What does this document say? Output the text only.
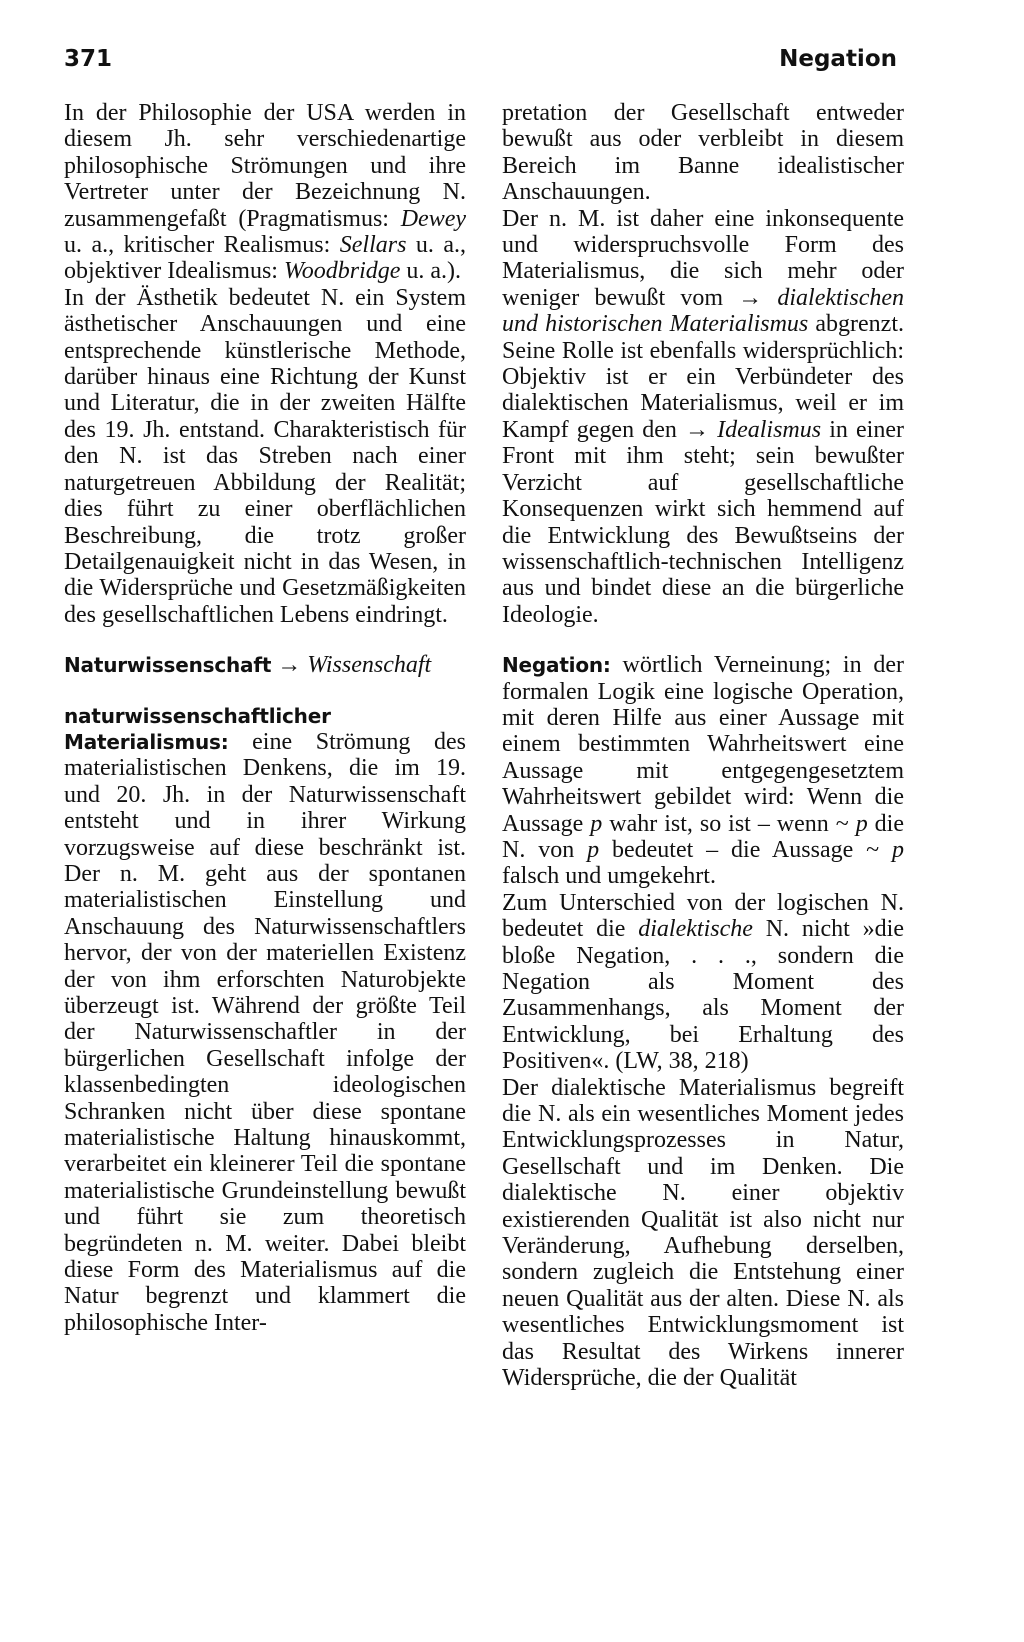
371	Negation

In der Philosophie der USA werden in diesem Jh. sehr verschiedenartige philosophische Strömungen und ihre Vertreter unter der Bezeichnung N. zusammengefaßt (Pragmatismus: Dewey u. a., kritischer Realismus: Sellars u. a., objektiver Idealismus: Woodbridge u. a.).

In der Ästhetik bedeutet N. ein System ästhetischer Anschauungen und eine entsprechende künstlerische Methode, darüber hinaus eine Richtung der Kunst und Literatur, die in der zweiten Hälfte des 19. Jh. entstand. Charakteristisch für den N. ist das Streben nach einer naturgetreuen Abbildung der Realität; dies führt zu einer oberflächlichen Beschreibung, die trotz großer Detailgenauigkeit nicht in das Wesen, in die Widersprüche und Gesetzmäßigkeiten des gesellschaftlichen Lebens eindringt.

Naturwissenschaft → Wissenschaft

naturwissenschaftlicher Materialismus: eine Strömung des materialistischen Denkens, die im 19. und 20. Jh. in der Naturwissenschaft entsteht und in ihrer Wirkung vorzugsweise auf diese beschränkt ist. Der n. M. geht aus der spontanen materialistischen Einstellung und Anschauung des Naturwissenschaftlers hervor, der von der materiellen Existenz der von ihm erforschten Naturobjekte überzeugt ist. Während der größte Teil der Naturwissenschaftler in der bürgerlichen Gesellschaft infolge der klassenbedingten ideologischen Schranken nicht über diese spontane materialistische Haltung hinauskommt, verarbeitet ein kleinerer Teil die spontane materialistische Grundeinstellung bewußt und führt sie zum theoretisch begründeten n. M. weiter. Dabei bleibt diese Form des Materialismus auf die Natur begrenzt und klammert die philosophische Inter-

pretation der Gesellschaft entweder bewußt aus oder verbleibt in diesem Bereich im Banne idealistischer Anschauungen.

Der n. M. ist daher eine inkonsequente und widerspruchsvolle Form des Materialismus, die sich mehr oder weniger bewußt vom → dialektischen und historischen Materialismus abgrenzt. Seine Rolle ist ebenfalls widersprüchlich: Objektiv ist er ein Verbündeter des dialektischen Materialismus, weil er im Kampf gegen den → Idealismus in einer Front mit ihm steht; sein bewußter Verzicht auf gesellschaftliche Konsequenzen wirkt sich hemmend auf die Entwicklung des Bewußtseins der wissenschaftlich-technischen Intelligenz aus und bindet diese an die bürgerliche Ideologie.

Negation: wörtlich Verneinung; in der formalen Logik eine logische Operation, mit deren Hilfe aus einer Aussage mit einem bestimmten Wahrheitswert eine Aussage mit entgegengesetztem Wahrheitswert gebildet wird: Wenn die Aussage p wahr ist, so ist – wenn ~ p die N. von p bedeutet – die Aussage ~ p falsch und umgekehrt.

Zum Unterschied von der logischen N. bedeutet die dialektische N. nicht »die bloße Negation, . . ., sondern die Negation als Moment des Zusammenhangs, als Moment der Entwicklung, bei Erhaltung des Positiven«. (LW, 38, 218)

Der dialektische Materialismus begreift die N. als ein wesentliches Moment jedes Entwicklungsprozesses in Natur, Gesellschaft und im Denken. Die dialektische N. einer objektiv existierenden Qualität ist also nicht nur Veränderung, Aufhebung derselben, sondern zugleich die Entstehung einer neuen Qualität aus der alten. Diese N. als wesentliches Entwicklungsmoment ist das Resultat des Wirkens innerer Widersprüche, die der Qualität
